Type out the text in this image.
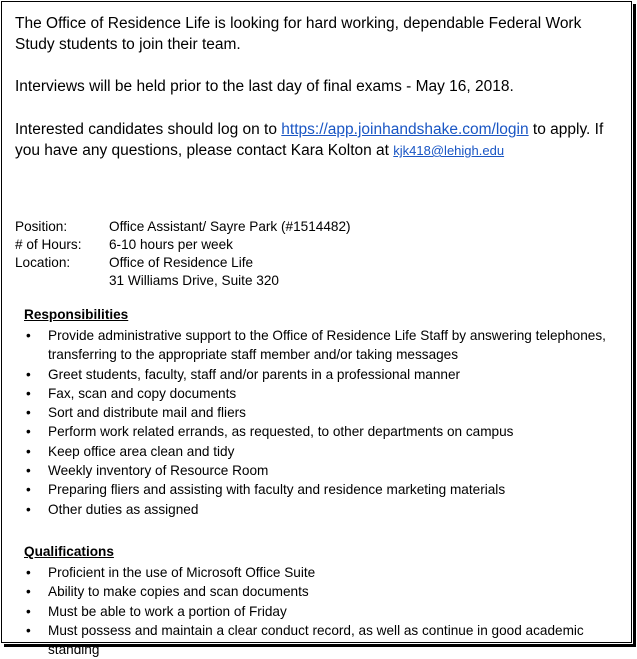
The Office of Residence Life is looking for hard working, dependable Federal Work Study students to join their team.

Interviews will be held prior to the last day of final exams - May 16, 2018.

Interested candidates should log on to https://app.joinhandshake.com/login to apply. If you have any questions, please contact Kara Kolton at kjk418@lehigh.edu

Position:	Office Assistant/ Sayre Park (#1514482)
# of Hours:	6-10 hours per week
Location:	Office of Residence Life
31 Williams Drive, Suite 320

Responsibilities

• Provide administrative support to the Office of Residence Life Staff by answering telephones, transferring to the appropriate staff member and/or taking messages
• Greet students, faculty, staff and/or parents in a professional manner
• Fax, scan and copy documents
• Sort and distribute mail and fliers
• Perform work related errands, as requested, to other departments on campus
• Keep office area clean and tidy
• Weekly inventory of Resource Room
• Preparing fliers and assisting with faculty and residence marketing materials
• Other duties as assigned

Qualifications

• Proficient in the use of Microsoft Office Suite
• Ability to make copies and scan documents
• Must be able to work a portion of Friday
• Must possess and maintain a clear conduct record, as well as continue in good academic standing
